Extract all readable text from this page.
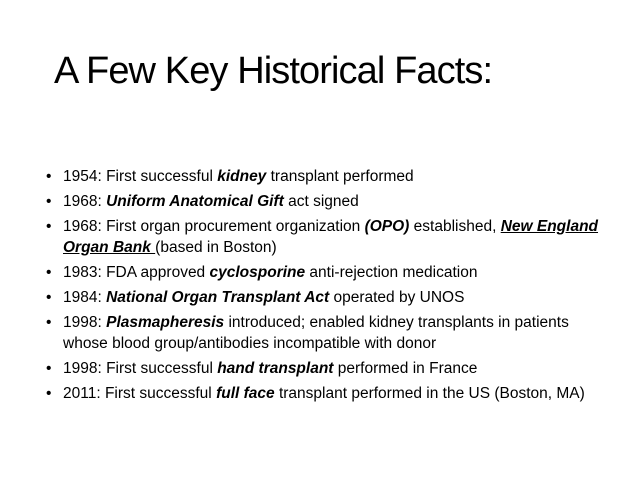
A Few Key Historical Facts:
• 1954: First successful kidney transplant performed
• 1968: Uniform Anatomical Gift act signed
• 1968: First organ procurement organization (OPO) established, New England Organ Bank (based in Boston)
• 1983: FDA approved cyclosporine anti-rejection medication
• 1984: National Organ Transplant Act operated by UNOS
• 1998: Plasmapheresis introduced; enabled kidney transplants in patients whose blood group/antibodies incompatible with donor
• 1998: First successful hand transplant performed in France
• 2011: First successful full face transplant performed in the US (Boston, MA)
